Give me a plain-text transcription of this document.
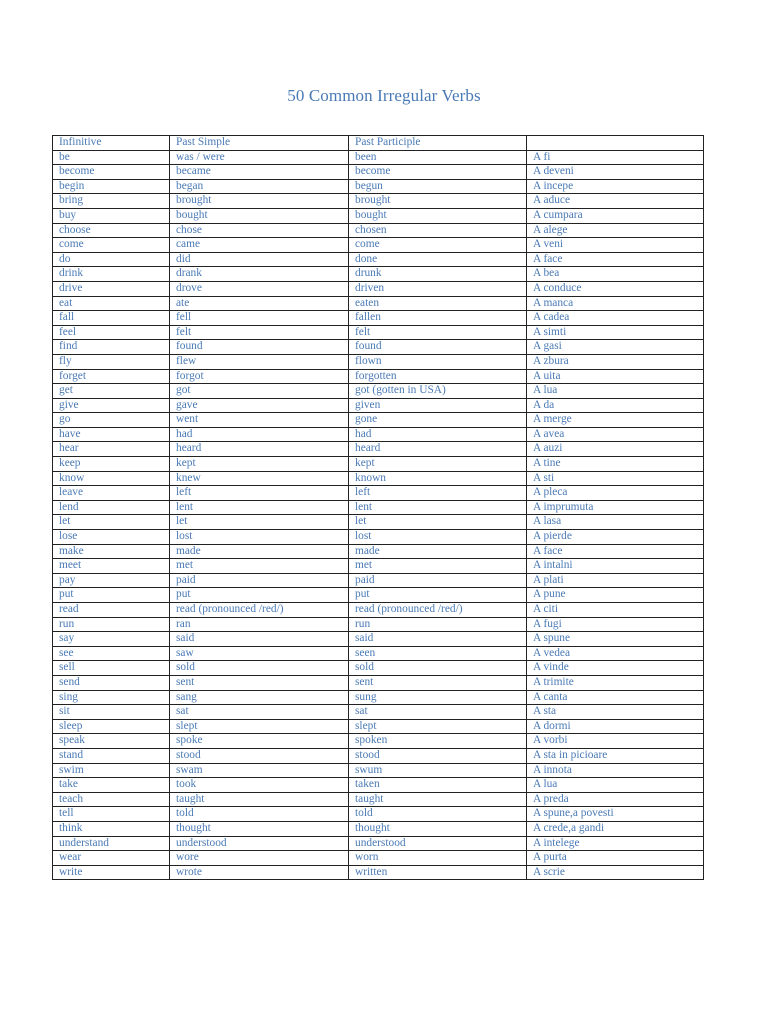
50 Common Irregular Verbs
Infinitive	Past Simple	Past Participle	
be	was / were	been	A fi
become	became	become	A deveni
begin	began	begun	A incepe
bring	brought	brought	A aduce
buy	bought	bought	A cumpara
choose	chose	chosen	A alege
come	came	come	A veni
do	did	done	A face
drink	drank	drunk	A bea
drive	drove	driven	A conduce
eat	ate	eaten	A manca
fall	fell	fallen	A cadea
feel	felt	felt	A simti
find	found	found	A gasi
fly	flew	flown	A zbura
forget	forgot	forgotten	A uita
get	got	got (gotten in USA)	A lua
give	gave	given	A da
go	went	gone	A merge
have	had	had	A avea
hear	heard	heard	A auzi
keep	kept	kept	A tine
know	knew	known	A sti
leave	left	left	A pleca
lend	lent	lent	A imprumuta
let	let	let	A lasa
lose	lost	lost	A pierde
make	made	made	A face
meet	met	met	A intalni
pay	paid	paid	A plati
put	put	put	A pune
read	read (pronounced /red/)	read (pronounced /red/)	A citi
run	ran	run	A fugi
say	said	said	A spune
see	saw	seen	A vedea
sell	sold	sold	A vinde
send	sent	sent	A trimite
sing	sang	sung	A canta
sit	sat	sat	A sta
sleep	slept	slept	A dormi
speak	spoke	spoken	A vorbi
stand	stood	stood	A sta in picioare
swim	swam	swum	A innota
take	took	taken	A lua
teach	taught	taught	A preda
tell	told	told	A spune,a povesti
think	thought	thought	A crede,a gandi
understand	understood	understood	A intelege
wear	wore	worn	A purta
write	wrote	written	A scrie
